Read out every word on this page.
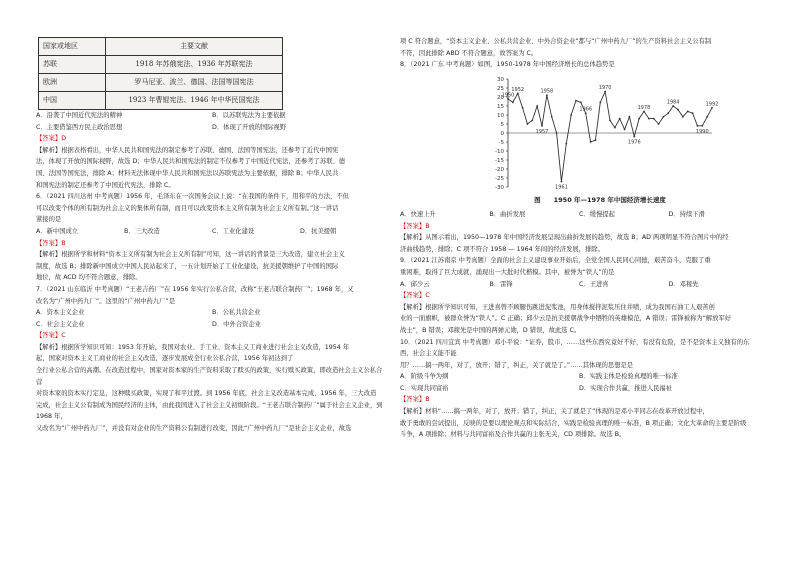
国家或地区	主要文献
苏联	1918 年苏俄宪法、1936 年苏联宪法
欧洲	罗马尼亚、波兰、德国、法国等国宪法
中国	1923 年曹锟宪法、1946 年中华民国宪法
A．沿袭了中国近代宪法的精神	B．以苏联宪法为主要依据
C．主要借鉴西方民主政治思想	D．体现了开放的国际视野

【答案】D

【解析】根据表格看出，中华人民共和国宪法的制定参考了苏联、德国、法国等国宪法，还参考了近代中国宪

法，体现了开放的国际视野，故选 D；中华人民共和国宪法的制定不仅参考了中国近代宪法，还参考了苏联、德

国、法国等国宪法，排除 A；材料无法体现中华人民共和国宪法以苏联宪法为主要依据，排除 B；中华人民共

和国宪法的制定还参考了中国近代宪法，排除 C。

6．（2021 四川达州 中考真题）1956 年，毛泽东在一次国务会议上说：“在我国的条件下，用和平的方法，不但

可以改变个体的所有制为社会主义的集体所有制，而且可以改变资本主义所有制为社会主义所有制。”这一讲话

紧接的是

A．新中国成立	B．三大改造	C．工业化建设	D．抗美援朝

【答案】B

【解析】根据所学和材料“资本主义所有制为社会主义所有制”可知，这一讲话的背景是三大改造，建立社会主义

制度，故选 B；排除新中国成立中国人民站起来了，一五计划开始了工业化建设，抗美援朝维护了中国的国际

地位，故 ACD 均不符合题意，排除。

7．（2021 山东临沂 中考真题）“王老吉药厂”在 1956 年实行公私合营，改称“王老吉联合制药厂”；1968 年，又

改名为“广州中药九厂”。这里的“广州中药九厂”是

A．资本主义企业	B．公私共营企业
C．社会主义企业	D．中外合资企业

【答案】C

【解析】根据所学知识可知：1953 年开始，我国对农业、手工业、资本主义工商业进行社会主义改造，1954 年

起，国家对资本主义工商业的社会主义改造，逐步发展成全行业公私合营，1956 年初达到了

全行业公私合营的高潮。在改造过程中，国家对资本家的生产资料采取了赎买的政策，实行赎买政策，即改造社会主义公私合营

对资本家的资本实行定息，这种赎买政策，实现了和平过渡。到 1956 年底，社会主义改造基本完成，1956 年，三大改造

完成，社会主义公有制成为国民经济的主体，由此我国进入了社会主义初级阶段。“王老吉联合制药厂”属于社会主义企业，到 1968 年，

又改名为“广州中药九厂”，并没有对企业的生产资料公有制进行改变，因此“广州中药九厂”是社会主义企业，故选

项 C 符合题意，“资本主义企业、公私共营企业、中外合资企业”都与“广州中药九厂”的生产资料社会主义公有制

不符，因此排除 ABD 不符合题意，故答案为 C。

8．（2021 广东 中考真题）如图，1950-1978 年中国经济增长的总体趋势是

30
25
20
15
10
5
0
-5
-10
-15
-20
-25
-30
1950
1952
1957
1958
1961
1966
1970
1976
1978
1984	1992
1990
图　　1950 年—1978 年中国经济增长速度
A．快速上升	B．曲折发展	C．缓慢提起	D．持续下滑

【答案】B

【解析】从图示看出，1950—1978 年中国经济发展呈现出曲折发展的趋势，故选 B；AD 两项明显不符合图片中的经

济曲线趋势，排除；C 项不符合 1958 — 1964 年间的经济发展，排除。

9．（2021 江苏南京 中考真题）全面的社会主义建设事业开始后，全党全国人民同心同德，艰苦奋斗，克服了重

重困难，取得了巨大成就，涌现出一大批时代楷模。其中，被誉为“铁人”的是

A．邱少云	B．雷锋	C．王进喜	D．邓稼先

【答案】C

【解析】根据所学知识可知，王进喜曾不顾腿伤跳进泥浆池，用身体搅拌泥浆压住井喷，成为我国石油工人艰苦创

业的一面旗帜，被群众誉为“铁人”。C 正确；邱少云是抗美援朝战争中牺牲的英雄模范，A 错误；雷锋被称为“解放军好

战士”，B 错误；邓稼先是中国的两弹元勋，D 错误，故此选 C。

10．（2021 四川宜宾 中考真题）邓小平说：“证券，股市，……这些东西究竟好不好，有没有危险，是不是资本主义独有的东西，社会主义能不能

用？……搞一两年，对了，放开；错了，纠正，关了就是了。”……其体现的思想是是

A．阶级斗争为纲	B．实践主体是检验真理的唯一标准
C．实现共同富裕	D．实现合作共赢，推进人民福祉

【答案】B

【解析】材料“……搞一两年，对了，放开；错了，纠正，关了就是了”体现的是邓小平同志在改革开放过程中，

敢于勇敢的尝试提出，反映的是要以理论观点和实际结合，实践是检验真理的唯一标准，B 项正确；文化大革命的主要是阶级

斗争，A 项排除；材料与共同富裕及合作共赢的主张无关，CD 项排除。故选 B。
